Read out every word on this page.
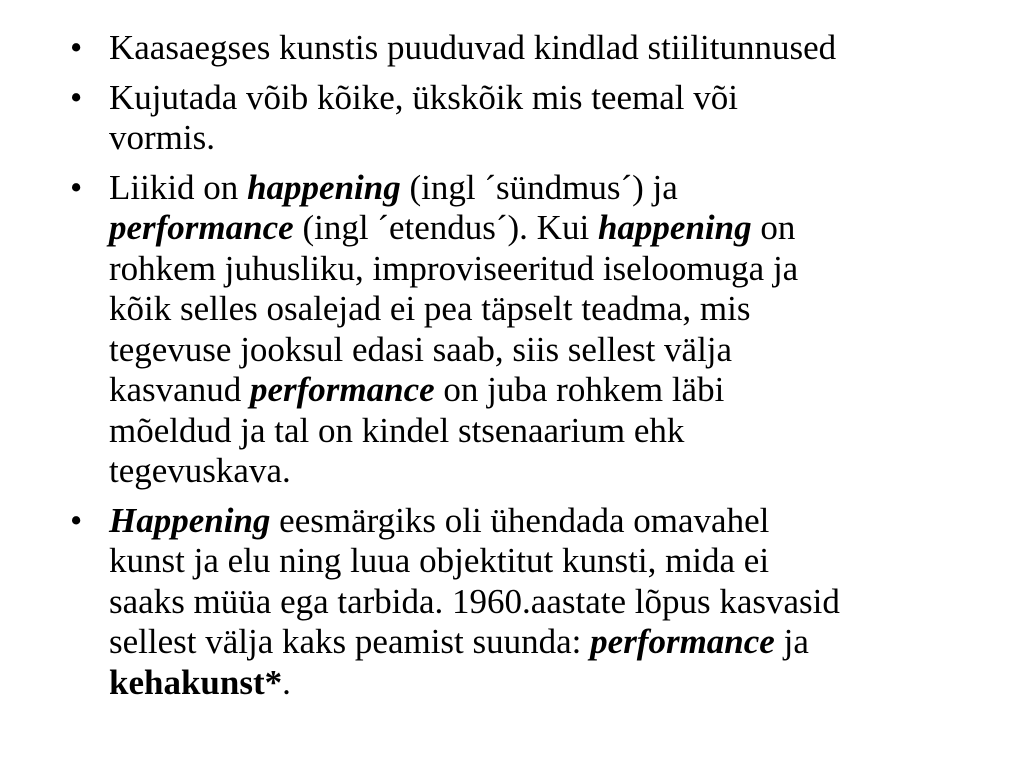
• Kaasaegses kunstis puuduvad kindlad stiilitunnused
• Kujutada võib kõike, ükskõik mis teemal või
vormis.
• Liikid on happening (ingl ´sündmus´) ja
performance (ingl ´etendus´). Kui happening on
rohkem juhusliku, improviseeritud iseloomuga ja
kõik selles osalejad ei pea täpselt teadma, mis
tegevuse jooksul edasi saab, siis sellest välja
kasvanud performance on juba rohkem läbi
mõeldud ja tal on kindel stsenaarium ehk
tegevuskava.
• Happening eesmärgiks oli ühendada omavahel
kunst ja elu ning luua objektitut kunsti, mida ei
saaks müüa ega tarbida. 1960.aastate lõpus kasvasid
sellest välja kaks peamist suunda: performance ja
kehakunst*.
